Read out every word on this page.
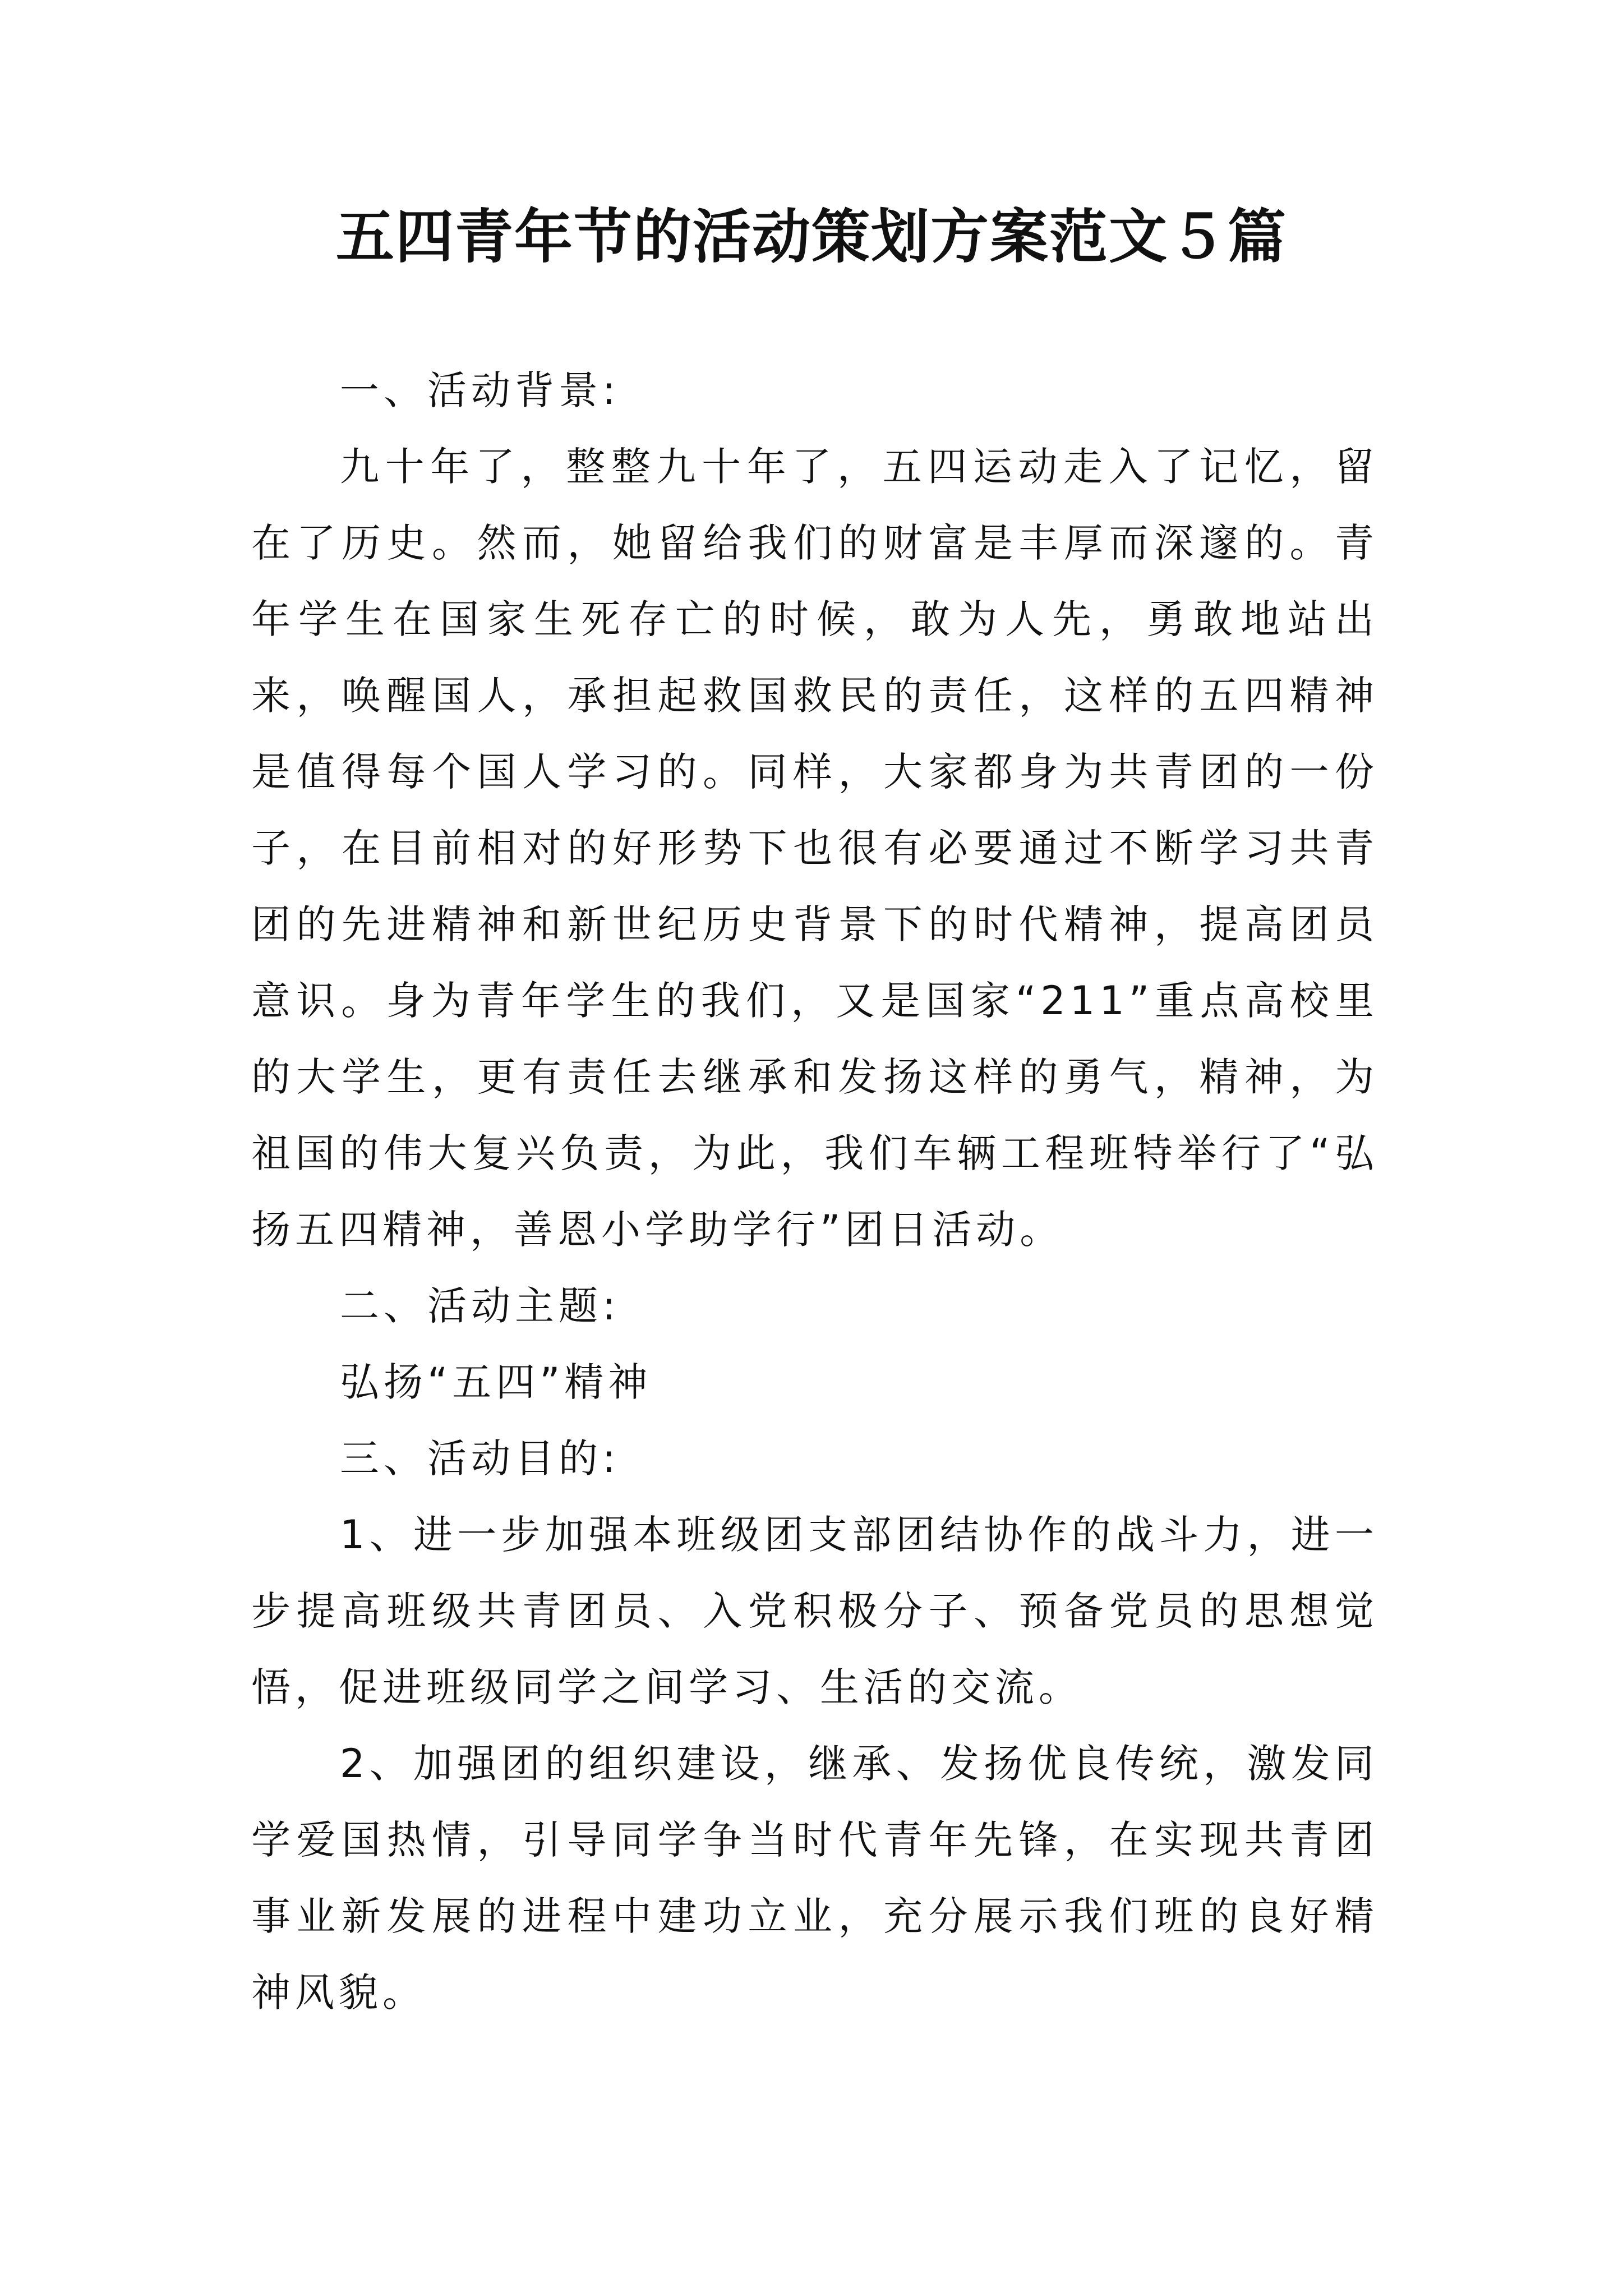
五四青年节的活动策划方案范文５篇

一、活动背景:

九十年了，整整九十年了，五四运动走入了记忆，留在了历史。然而，她留给我们的财富是丰厚而深邃的。青年学生在国家生死存亡的时候，敢为人先，勇敢地站出来，唤醒国人，承担起救国救民的责任，这样的五四精神是值得每个国人学习的。同样，大家都身为共青团的一份子，在目前相对的好形势下也很有必要通过不断学习共青团的先进精神和新世纪历史背景下的时代精神，提高团员意识。身为青年学生的我们，又是国家“211”重点高校里的大学生，更有责任去继承和发扬这样的勇气，精神，为祖国的伟大复兴负责，为此，我们车辆工程班特举行了“弘扬五四精神，善恩小学助学行”团日活动。

二、活动主题:

弘扬“五四”精神

三、活动目的:

1、进一步加强本班级团支部团结协作的战斗力，进一步提高班级共青团员、入党积极分子、预备党员的思想觉悟，促进班级同学之间学习、生活的交流。

2、加强团的组织建设，继承、发扬优良传统，激发同学爱国热情，引导同学争当时代青年先锋，在实现共青团事业新发展的进程中建功立业，充分展示我们班的良好精神风貌。
